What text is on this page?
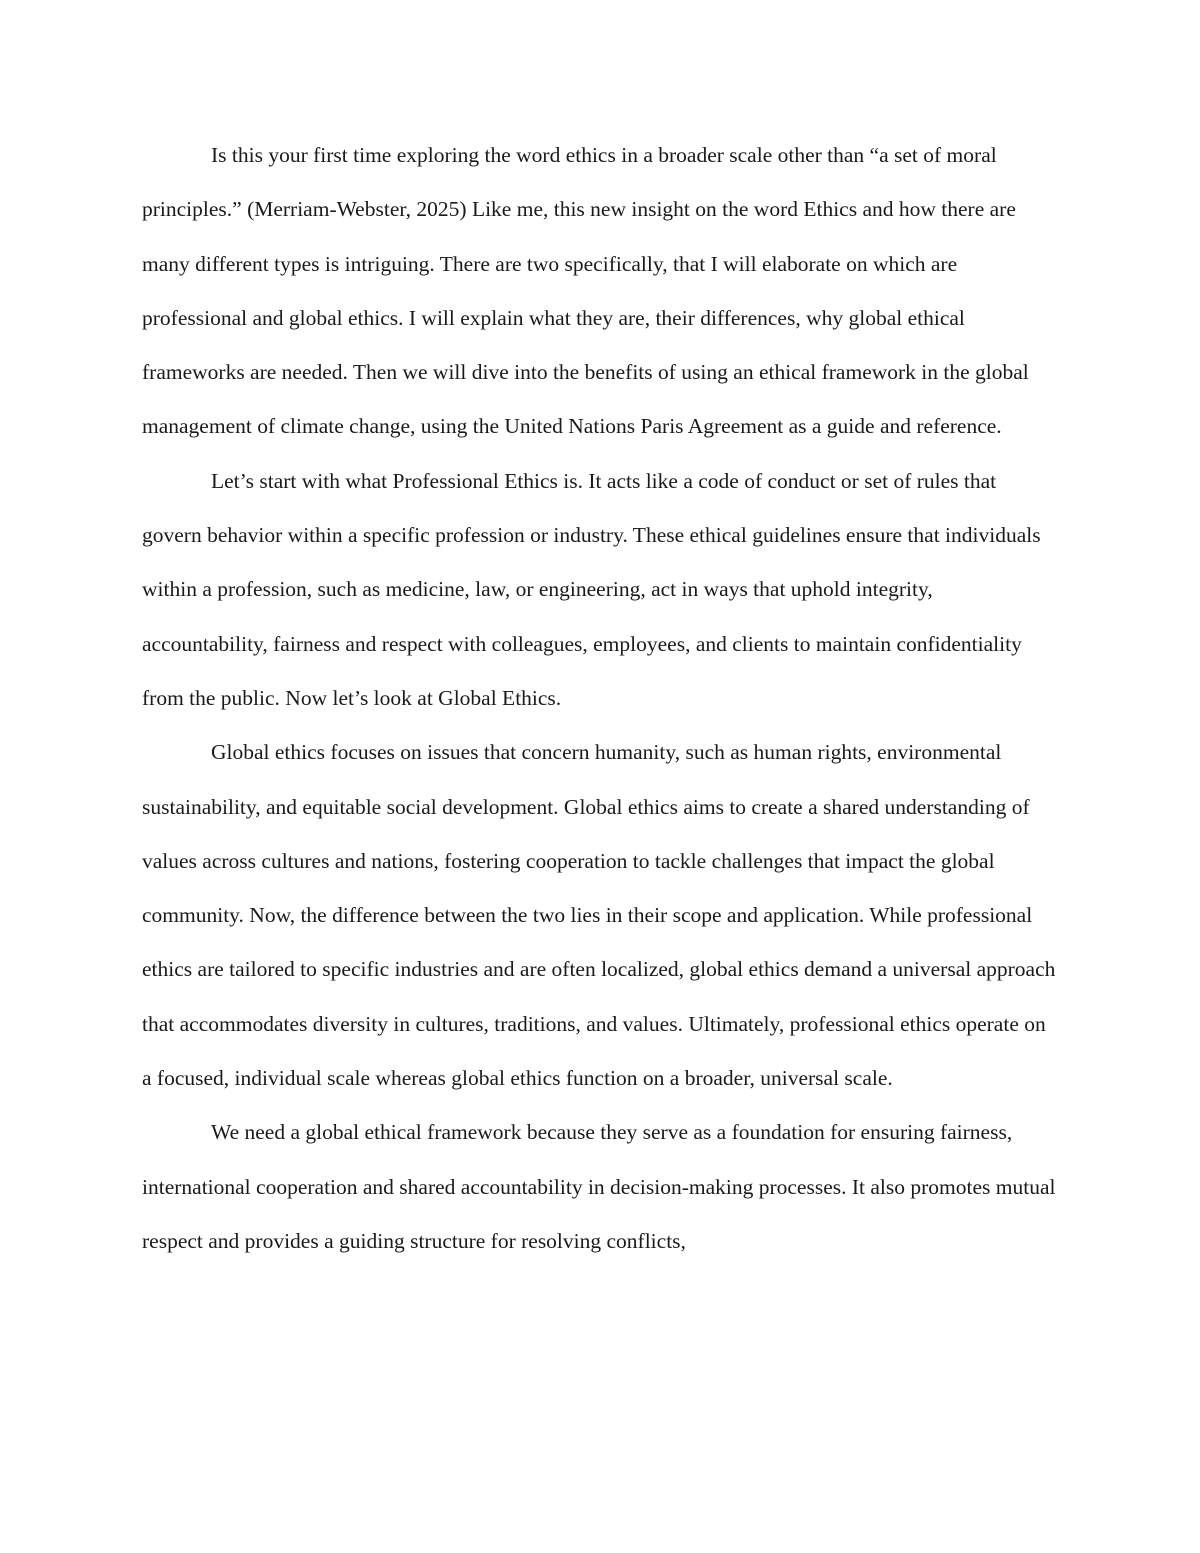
Is this your first time exploring the word ethics in a broader scale other than “a set of moral principles.” (Merriam-Webster, 2025) Like me, this new insight on the word Ethics and how there are many different types is intriguing. There are two specifically, that I will elaborate on which are professional and global ethics. I will explain what they are, their differences, why global ethical frameworks are needed. Then we will dive into the benefits of using an ethical framework in the global management of climate change, using the United Nations Paris Agreement as a guide and reference.

Let’s start with what Professional Ethics is. It acts like a code of conduct or set of rules that govern behavior within a specific profession or industry. These ethical guidelines ensure that individuals within a profession, such as medicine, law, or engineering, act in ways that uphold integrity, accountability, fairness and respect with colleagues, employees, and clients to maintain confidentiality from the public. Now let’s look at Global Ethics.

Global ethics focuses on issues that concern humanity, such as human rights, environmental sustainability, and equitable social development. Global ethics aims to create a shared understanding of values across cultures and nations, fostering cooperation to tackle challenges that impact the global community. Now, the difference between the two lies in their scope and application. While professional ethics are tailored to specific industries and are often localized, global ethics demand a universal approach that accommodates diversity in cultures, traditions, and values. Ultimately, professional ethics operate on a focused, individual scale whereas global ethics function on a broader, universal scale.

We need a global ethical framework because they serve as a foundation for ensuring fairness, international cooperation and shared accountability in decision-making processes. It also promotes mutual respect and provides a guiding structure for resolving conflicts,
